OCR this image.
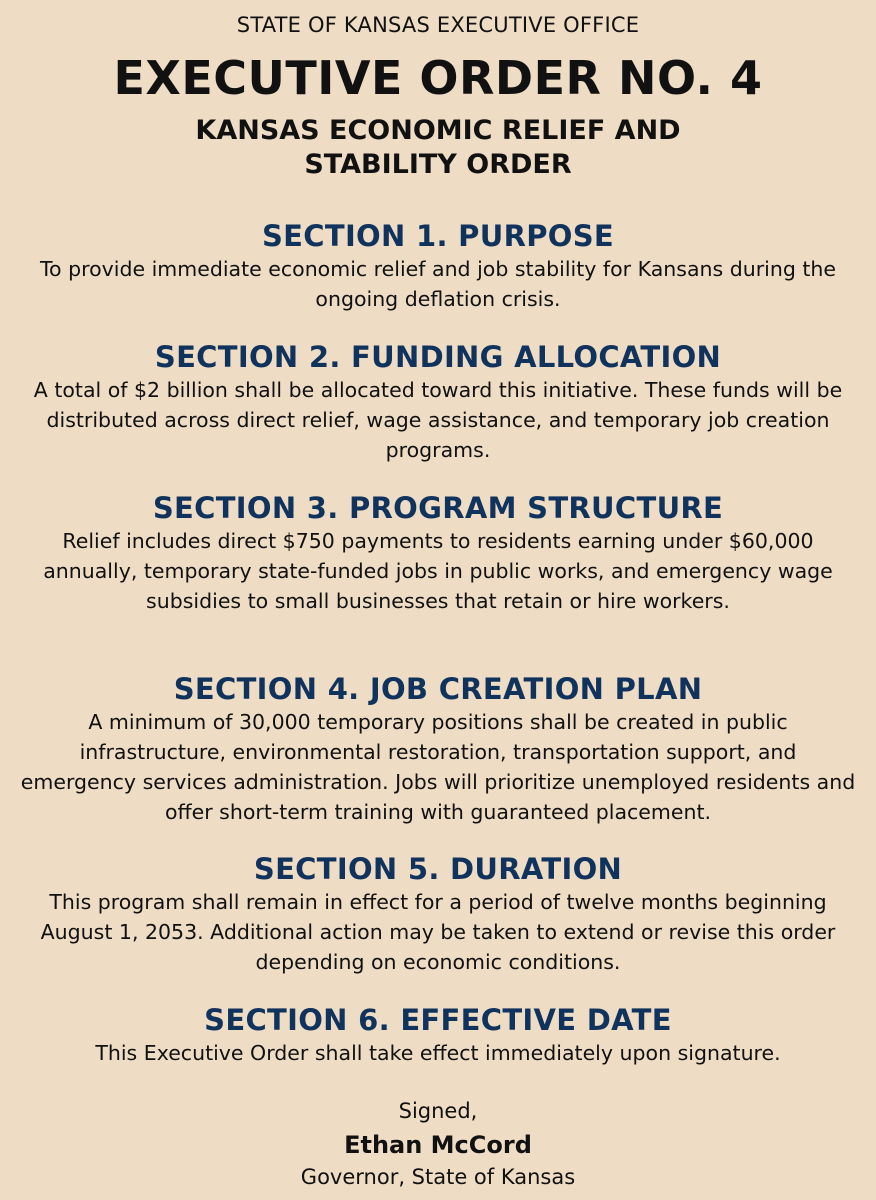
STATE OF KANSAS EXECUTIVE OFFICE
EXECUTIVE ORDER NO. 4
KANSAS ECONOMIC RELIEF AND
STABILITY ORDER
SECTION 1. PURPOSE

To provide immediate economic relief and job stability for Kansans during the ongoing deflation crisis.

SECTION 2. FUNDING ALLOCATION

A total of $2 billion shall be allocated toward this initiative. These funds will be distributed across direct relief, wage assistance, and temporary job creation programs.

SECTION 3. PROGRAM STRUCTURE

Relief includes direct $750 payments to residents earning under $60,000 annually, temporary state-funded jobs in public works, and emergency wage subsidies to small businesses that retain or hire workers.

SECTION 4. JOB CREATION PLAN

A minimum of 30,000 temporary positions shall be created in public infrastructure, environmental restoration, transportation support, and emergency services administration. Jobs will prioritize unemployed residents and offer short-term training with guaranteed placement.

SECTION 5. DURATION

This program shall remain in effect for a period of twelve months beginning August 1, 2053. Additional action may be taken to extend or revise this order depending on economic conditions.

SECTION 6. EFFECTIVE DATE

This Executive Order shall take effect immediately upon signature.

Signed,
Ethan McCord
Governor, State of Kansas
